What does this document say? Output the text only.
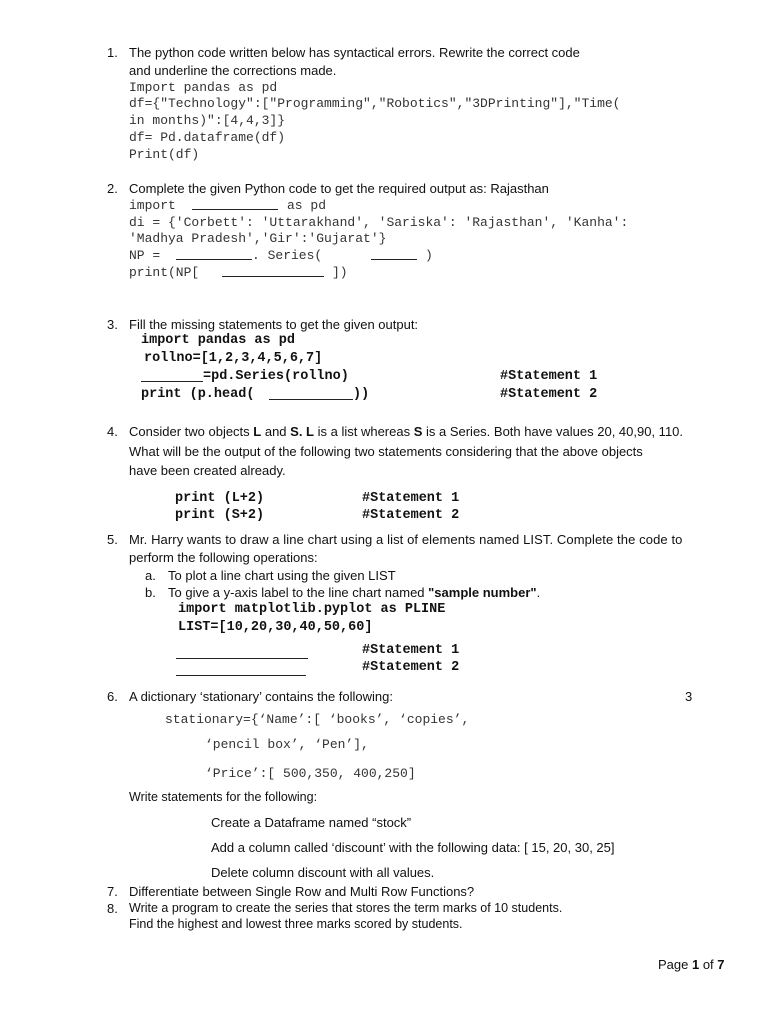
1. The python code written below has syntactical errors. Rewrite the correct code
and underline the corrections made.
Import pandas as pd
df={"Technology":["Programming","Robotics","3DPrinting"],"Time(
in months)":[4,4,3]}
df= Pd.dataframe(df)
Print(df)
2. Complete the given Python code to get the required output as: Rajasthan
import	as pd
di = {'Corbett': 'Uttarakhand', 'Sariska': 'Rajasthan', 'Kanha':
'Madhya Pradesh','Gir':'Gujarat'}
NP =	. Series(	)
print(NP[	])
3. Fill the missing statements to get the given output:
import pandas as pd
rollno=[1,2,3,4,5,6,7]
=pd.Series(rollno)	#Statement 1
print (p.head(	))	#Statement 2
4. Consider two objects L and S. L is a list whereas S is a Series. Both have values 20, 40,90, 110.
What will be the output of the following two statements considering that the above objects
have been created already.
print (L+2)	#Statement 1
print (S+2)	#Statement 2
5. Mr. Harry wants to draw a line chart using a list of elements named LIST. Complete the code to
perform the following operations:
a. To plot a line chart using the given LIST
b. To give a y-axis label to the line chart named "sample number".
import matplotlib.pyplot as PLINE
LIST=[10,20,30,40,50,60]
#Statement 1
#Statement 2
6. A dictionary ‘stationary’ contains the following:	3
stationary={‘Name’:[ ‘books’, ‘copies’,
‘pencil box’, ‘Pen’],
‘Price’:[ 500,350, 400,250]
Write statements for the following:
Create a Dataframe named “stock”
Add a column called ‘discount’ with the following data: [ 15, 20, 30, 25]
Delete column discount with all values.
7. Differentiate between Single Row and Multi Row Functions?
8. Write a program to create the series that stores the term marks of 10 students.
Find the highest and lowest three marks scored by students.
Page 1 of 7
